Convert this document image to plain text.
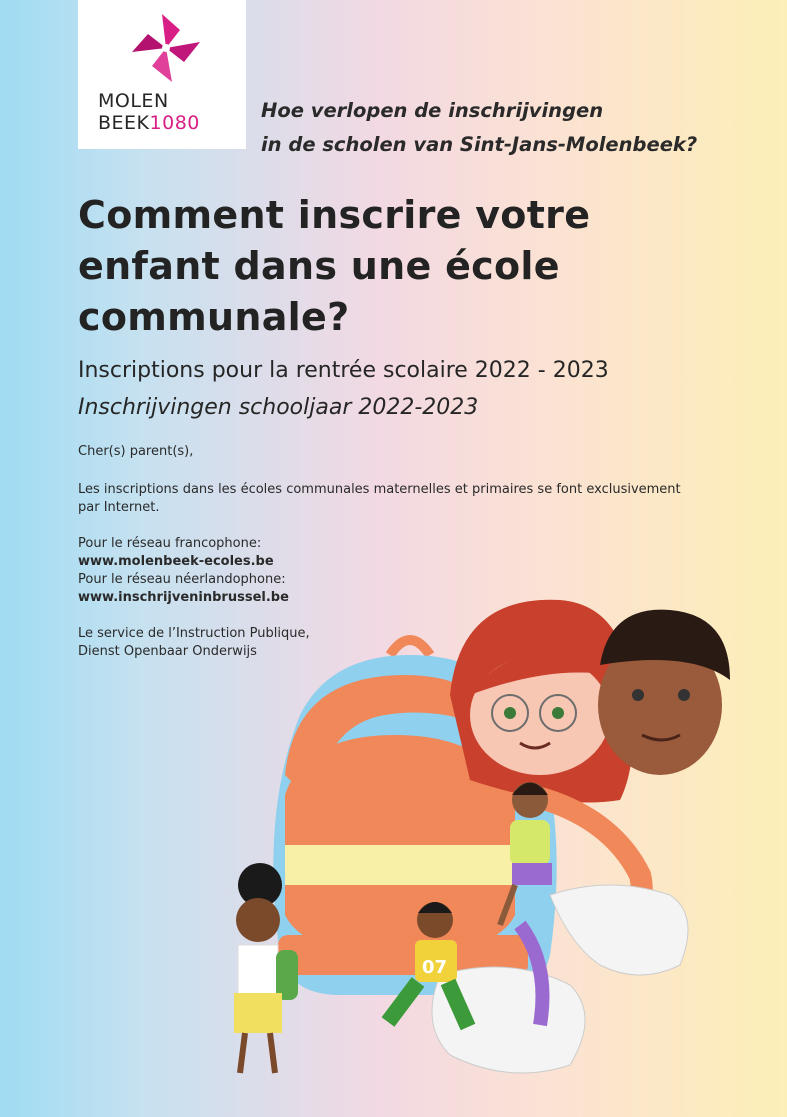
MOLEN
BEEK1080
Hoe verlopen de inschrijvingen
in de scholen van Sint-Jans-Molenbeek?
Comment inscrire votre
enfant dans une école
communale?
Inscriptions pour la rentrée scolaire 2022 - 2023
Inschrijvingen schooljaar 2022-2023

Cher(s) parent(s),

Les inscriptions dans les écoles communales maternelles et primaires se font exclusivement

par Internet.

Pour le réseau francophone:

www.molenbeek-ecoles.be

Pour le réseau néerlandophone:

www.inschrijveninbrussel.be

Le service de l’Instruction Publique,

Dienst Openbaar Onderwijs

07
